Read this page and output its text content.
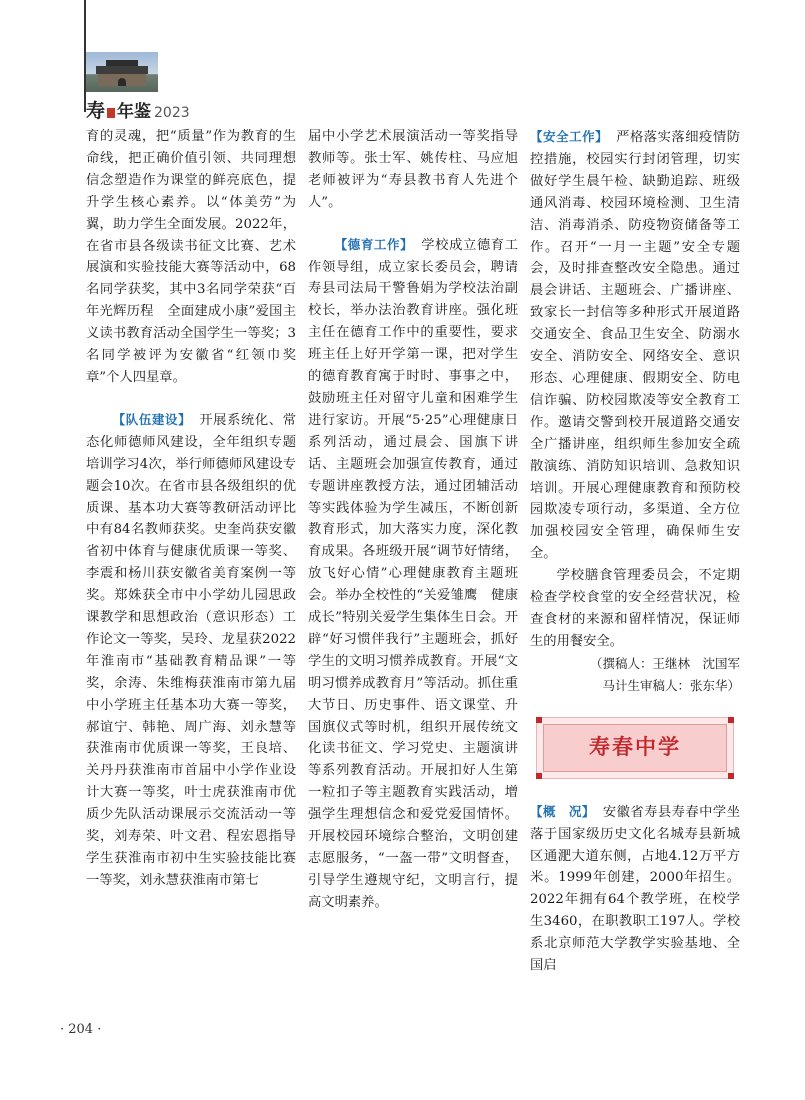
寿 年鉴 2023

育的灵魂，把“质量”作为教育的生命线，把正确价值引领、共同理想信念塑造作为课堂的鲜亮底色，提升学生核心素养。以“体美劳”为翼，助力学生全面发展。2022年，在省市县各级读书征文比赛、艺术展演和实验技能大赛等活动中，68名同学获奖，其中3名同学荣获“百年光辉历程　全面建成小康”爱国主义读书教育活动全国学生一等奖；3名同学被评为安徽省“红领巾奖章”个人四星章。

【队伍建设】 开展系统化、常态化师德师风建设，全年组织专题培训学习4次，举行师德师风建设专题会10次。在省市县各级组织的优质课、基本功大赛等教研活动评比中有84名教师获奖。史奎尚获安徽省初中体育与健康优质课一等奖、李震和杨川获安徽省美育案例一等奖。郑姝获全市中小学幼儿园思政课教学和思想政治（意识形态）工作论文一等奖，吴玲、龙星获2022年淮南市“基础教育精品课”一等奖，余涛、朱维梅获淮南市第九届中小学班主任基本功大赛一等奖，郝谊宁、韩艳、周广海、刘永慧等获淮南市优质课一等奖，王良培、关丹丹获淮南市首届中小学作业设计大赛一等奖，叶士虎获淮南市优质少先队活动课展示交流活动一等奖，刘寿荣、叶文君、程宏恩指导学生获淮南市初中生实验技能比赛一等奖，刘永慧获淮南市第七

届中小学艺术展演活动一等奖指导教师等。张士军、姚传柱、马应旭老师被评为“寿县教书育人先进个人”。

【德育工作】 学校成立德育工作领导组，成立家长委员会，聘请寿县司法局干警鲁娟为学校法治副校长，举办法治教育讲座。强化班主任在德育工作中的重要性，要求班主任上好开学第一课，把对学生的德育教育寓于时时、事事之中，鼓励班主任对留守儿童和困难学生进行家访。开展“5·25”心理健康日系列活动，通过晨会、国旗下讲话、主题班会加强宣传教育，通过专题讲座教授方法，通过团辅活动等实践体验为学生减压，不断创新教育形式，加大落实力度，深化教育成果。各班级开展“调节好情绪，放飞好心情”心理健康教育主题班会。举办全校性的“关爱雏鹰　健康成长”特别关爱学生集体生日会。开辟“好习惯伴我行”主题班会，抓好学生的文明习惯养成教育。开展“文明习惯养成教育月”等活动。抓住重大节日、历史事件、语文课堂、升国旗仪式等时机，组织开展传统文化读书征文、学习党史、主题演讲等系列教育活动。开展扣好人生第一粒扣子等主题教育实践活动，增强学生理想信念和爱党爱国情怀。开展校园环境综合整治，文明创建志愿服务，“一盔一带”文明督查，引导学生遵规守纪，文明言行，提高文明素养。

【安全工作】 严格落实落细疫情防控措施，校园实行封闭管理，切实做好学生晨午检、缺勤追踪、班级通风消毒、校园环境检测、卫生清洁、消毒消杀、防疫物资储备等工作。召开“一月一主题”安全专题会，及时排查整改安全隐患。通过晨会讲话、主题班会、广播讲座、致家长一封信等多种形式开展道路交通安全、食品卫生安全、防溺水安全、消防安全、网络安全、意识形态、心理健康、假期安全、防电信诈骗、防校园欺凌等安全教育工作。邀请交警到校开展道路交通安全广播讲座，组织师生参加安全疏散演练、消防知识培训、急救知识培训。开展心理健康教育和预防校园欺凌专项行动，多渠道、全方位加强校园安全管理，确保师生安全。

学校膳食管理委员会，不定期检查学校食堂的安全经营状况，检查食材的来源和留样情况，保证师生的用餐安全。

（撰稿人：王继林　沈国军

马计生审稿人：张东华）

寿春中学

【概　况】 安徽省寿县寿春中学坐落于国家级历史文化名城寿县新城区通淝大道东侧，占地4.12万平方米。1999年创建，2000年招生。2022年拥有64个教学班，在校学生3460，在职教职工197人。学校系北京师范大学教学实验基地、全国启

· 204 ·
